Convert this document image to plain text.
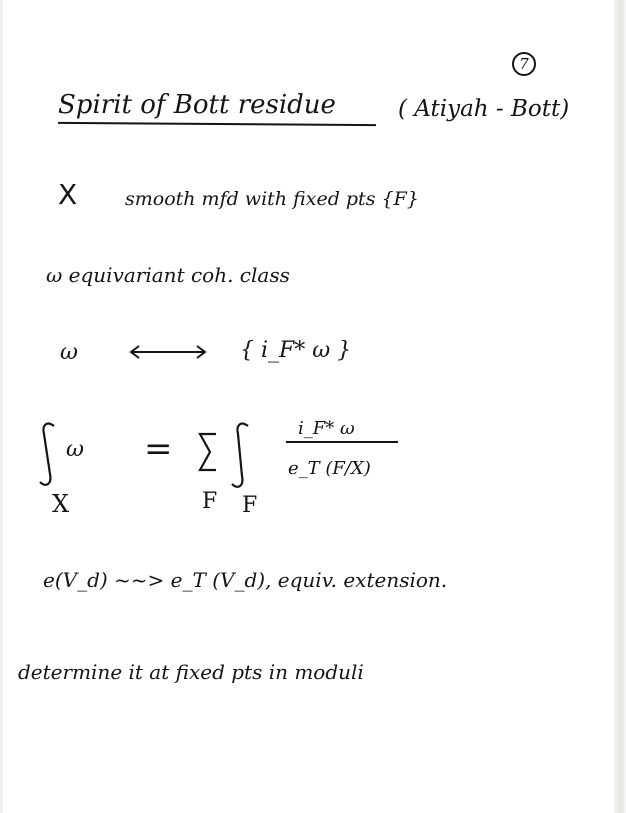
7
Spirit of Bott residue	( Atiyah - Bott)
X	smooth mfd with fixed pts {F}
ω equivariant coh. class
ω	{ i_F* ω }
ω
X
=
F F
i_F* ω
e_T (F/X)
e(V_d) ~~> e_T (V_d), equiv. extension.
determine it at fixed pts in moduli
